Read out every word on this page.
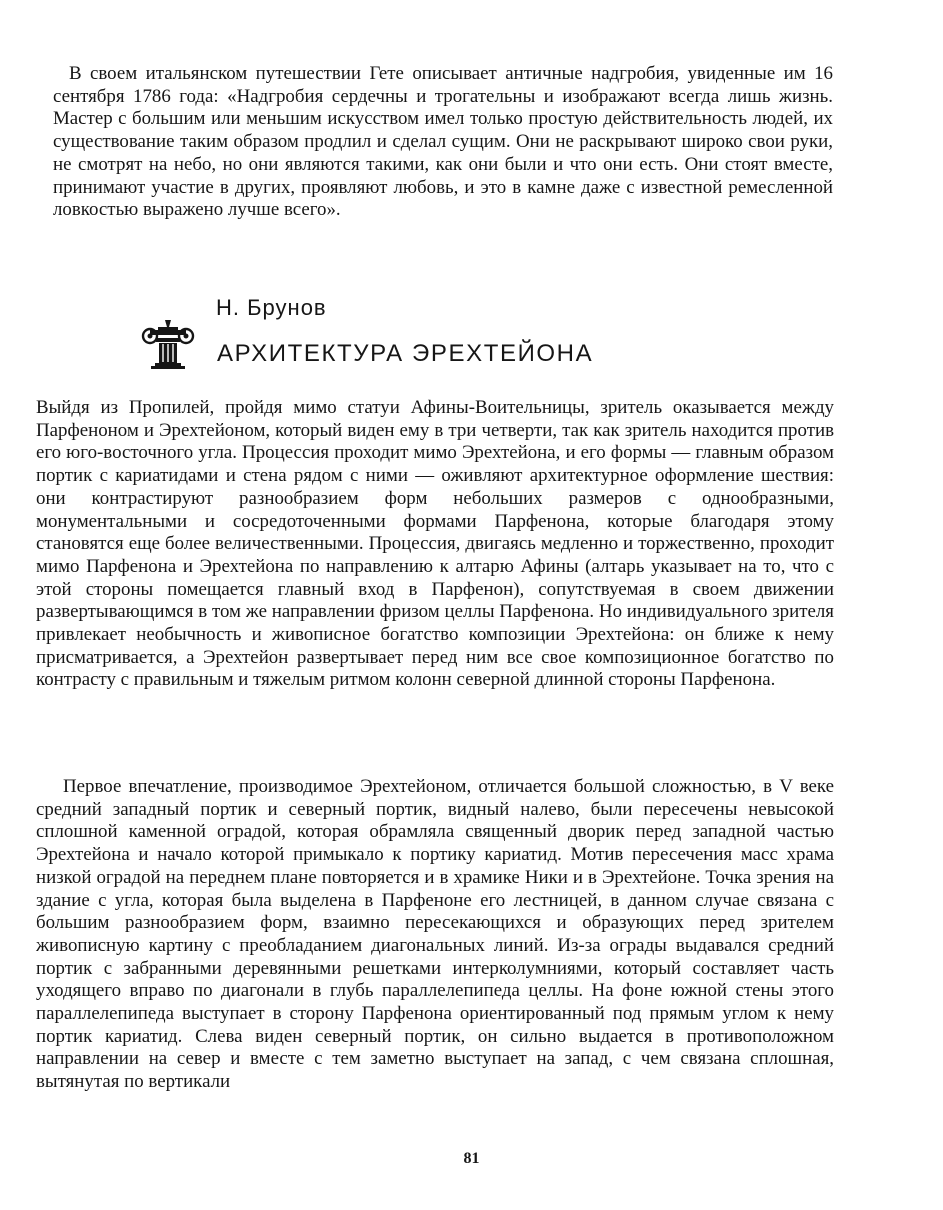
В своем итальянском путешествии Гете описывает античные надгробия, увиденные им 16 сентября 1786 года: «Надгробия сердечны и трогательны и изображают всегда лишь жизнь. Мастер с большим или меньшим искусством имел только простую действительность людей, их существование таким образом продлил и сделал сущим. Они не раскрывают широко свои руки, не смотрят на небо, но они являются такими, как они были и что они есть. Они стоят вместе, принимают участие в других, проявляют любовь, и это в камне даже с известной ремесленной ловкостью выражено лучше всего».

Н. Брунов
АРХИТЕКТУРА ЭРЕХТЕЙОНА

Выйдя из Пропилей, пройдя мимо статуи Афины-Воительницы, зритель оказывается между Парфеноном и Эрехтейоном, который виден ему в три четверти, так как зритель находится против его юго-восточного угла. Процессия проходит мимо Эрехтейона, и его формы — главным образом портик с кариатидами и стена рядом с ними — оживляют архитектурное оформление шествия: они контрастируют разнообразием форм небольших размеров с однообразными, монументальными и сосредоточенными формами Парфенона, которые благодаря этому становятся еще более величественными. Процессия, двигаясь медленно и торжественно, проходит мимо Парфенона и Эрехтейона по направлению к алтарю Афины (алтарь указывает на то, что с этой стороны помещается главный вход в Парфенон), сопутствуемая в своем движении развертывающимся в том же направлении фризом целлы Парфенона. Но индивидуального зрителя привлекает необычность и живописное богатство композиции Эрехтейона: он ближе к нему присматривается, а Эрехтейон развертывает перед ним все свое композиционное богатство по контрасту с правильным и тяжелым ритмом колонн северной длинной стороны Парфенона.

Первое впечатление, производимое Эрехтейоном, отличается большой сложностью, в V веке средний западный портик и северный портик, видный налево, были пересечены невысокой сплошной каменной оградой, которая обрамляла священный дворик перед западной частью Эрехтейона и начало которой примыкало к портику кариатид. Мотив пересечения масс храма низкой оградой на переднем плане повторяется и в храмике Ники и в Эрехтейоне. Точка зрения на здание с угла, которая была выделена в Парфеноне его лестницей, в данном случае связана с большим разнообразием форм, взаимно пересекающихся и образующих перед зрителем живописную картину с преобладанием диагональных линий. Из-за ограды выдавался средний портик с забранными деревянными решетками интерколумниями, который составляет часть уходящего вправо по диагонали в глубь параллелепипеда целлы. На фоне южной стены этого параллелепипеда выступает в сторону Парфенона ориентированный под прямым углом к нему портик кариатид. Слева виден северный портик, он сильно выдается в противоположном направлении на север и вместе с тем заметно выступает на запад, с чем связана сплошная, вытянутая по вертикали

81
